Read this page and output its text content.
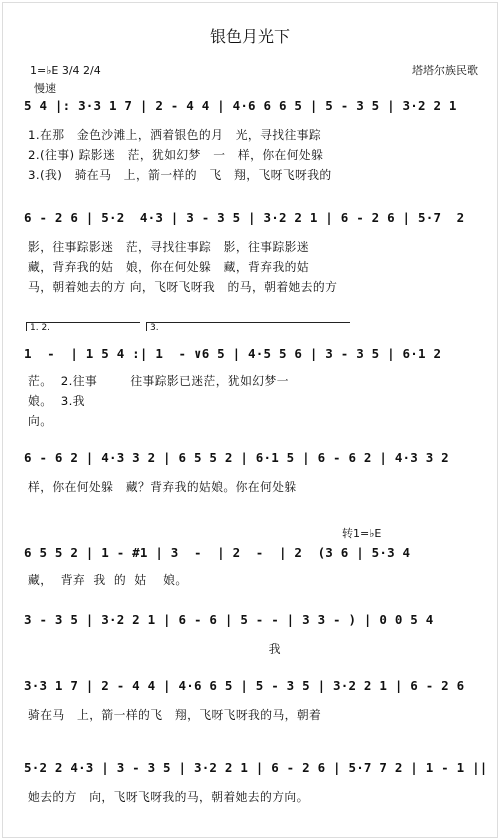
银色月光下
塔塔尔族民歌
1=♭E 3/4 2/4
慢速
5 4 |: 3·3 1 7 | 2 - 4 4 | 4·6 6 6 5 | 5 - 3 5 | 3·2 2 1
1.在那   金色沙滩上，洒着银色的月   光，寻找往事踪
2.(往事) 踪影迷   茫，犹如幻梦   一   样，你在何处躲
3.(我)   骑在马   上，箭一样的   飞   翔，飞呀飞呀我的
6 - 2 6 | 5·2  4·3 | 3 - 3 5 | 3·2 2 1 | 6 - 2 6 | 5·7  2
影，往事踪影迷   茫，寻找往事踪   影，往事踪影迷
藏，背弃我的姑   娘，你在何处躲   藏，背弃我的姑
马，朝着她去的方 向，飞呀飞呀我   的马，朝着她去的方
1. 2.	3.
1  -  | 1 5 4 :| 1  - ∨6 5 | 4·5 5 6 | 3 - 3 5 | 6·1 2
茫。  2.往事        往事踪影已迷茫，犹如幻梦一
娘。  3.我
向。
6 - 6 2 | 4·3 3 2 | 6 5 5 2 | 6·1 5 | 6 - 6 2 | 4·3 3 2
样，你在何处躲   藏？背弃我的姑娘。你在何处躲
转1=♭E
6 5 5 2 | 1 - #1 | 3  -  | 2  -  | 2  (3 6 | 5·3 4
藏，  背弃  我  的  姑    娘。
3 - 3 5 | 3·2 2 1 | 6 - 6 | 5 - - | 3 3 - ) | 0 0 5 4
我
3·3 1 7 | 2 - 4 4 | 4·6 6 5 | 5 - 3 5 | 3·2 2 1 | 6 - 2 6
骑在马   上，箭一样的飞   翔，飞呀飞呀我的马，朝着
5·2 2 4·3 | 3 - 3 5 | 3·2 2 1 | 6 - 2 6 | 5·7 7 2 | 1 - 1 ||
她去的方   向，飞呀飞呀我的马，朝着她去的方向。
